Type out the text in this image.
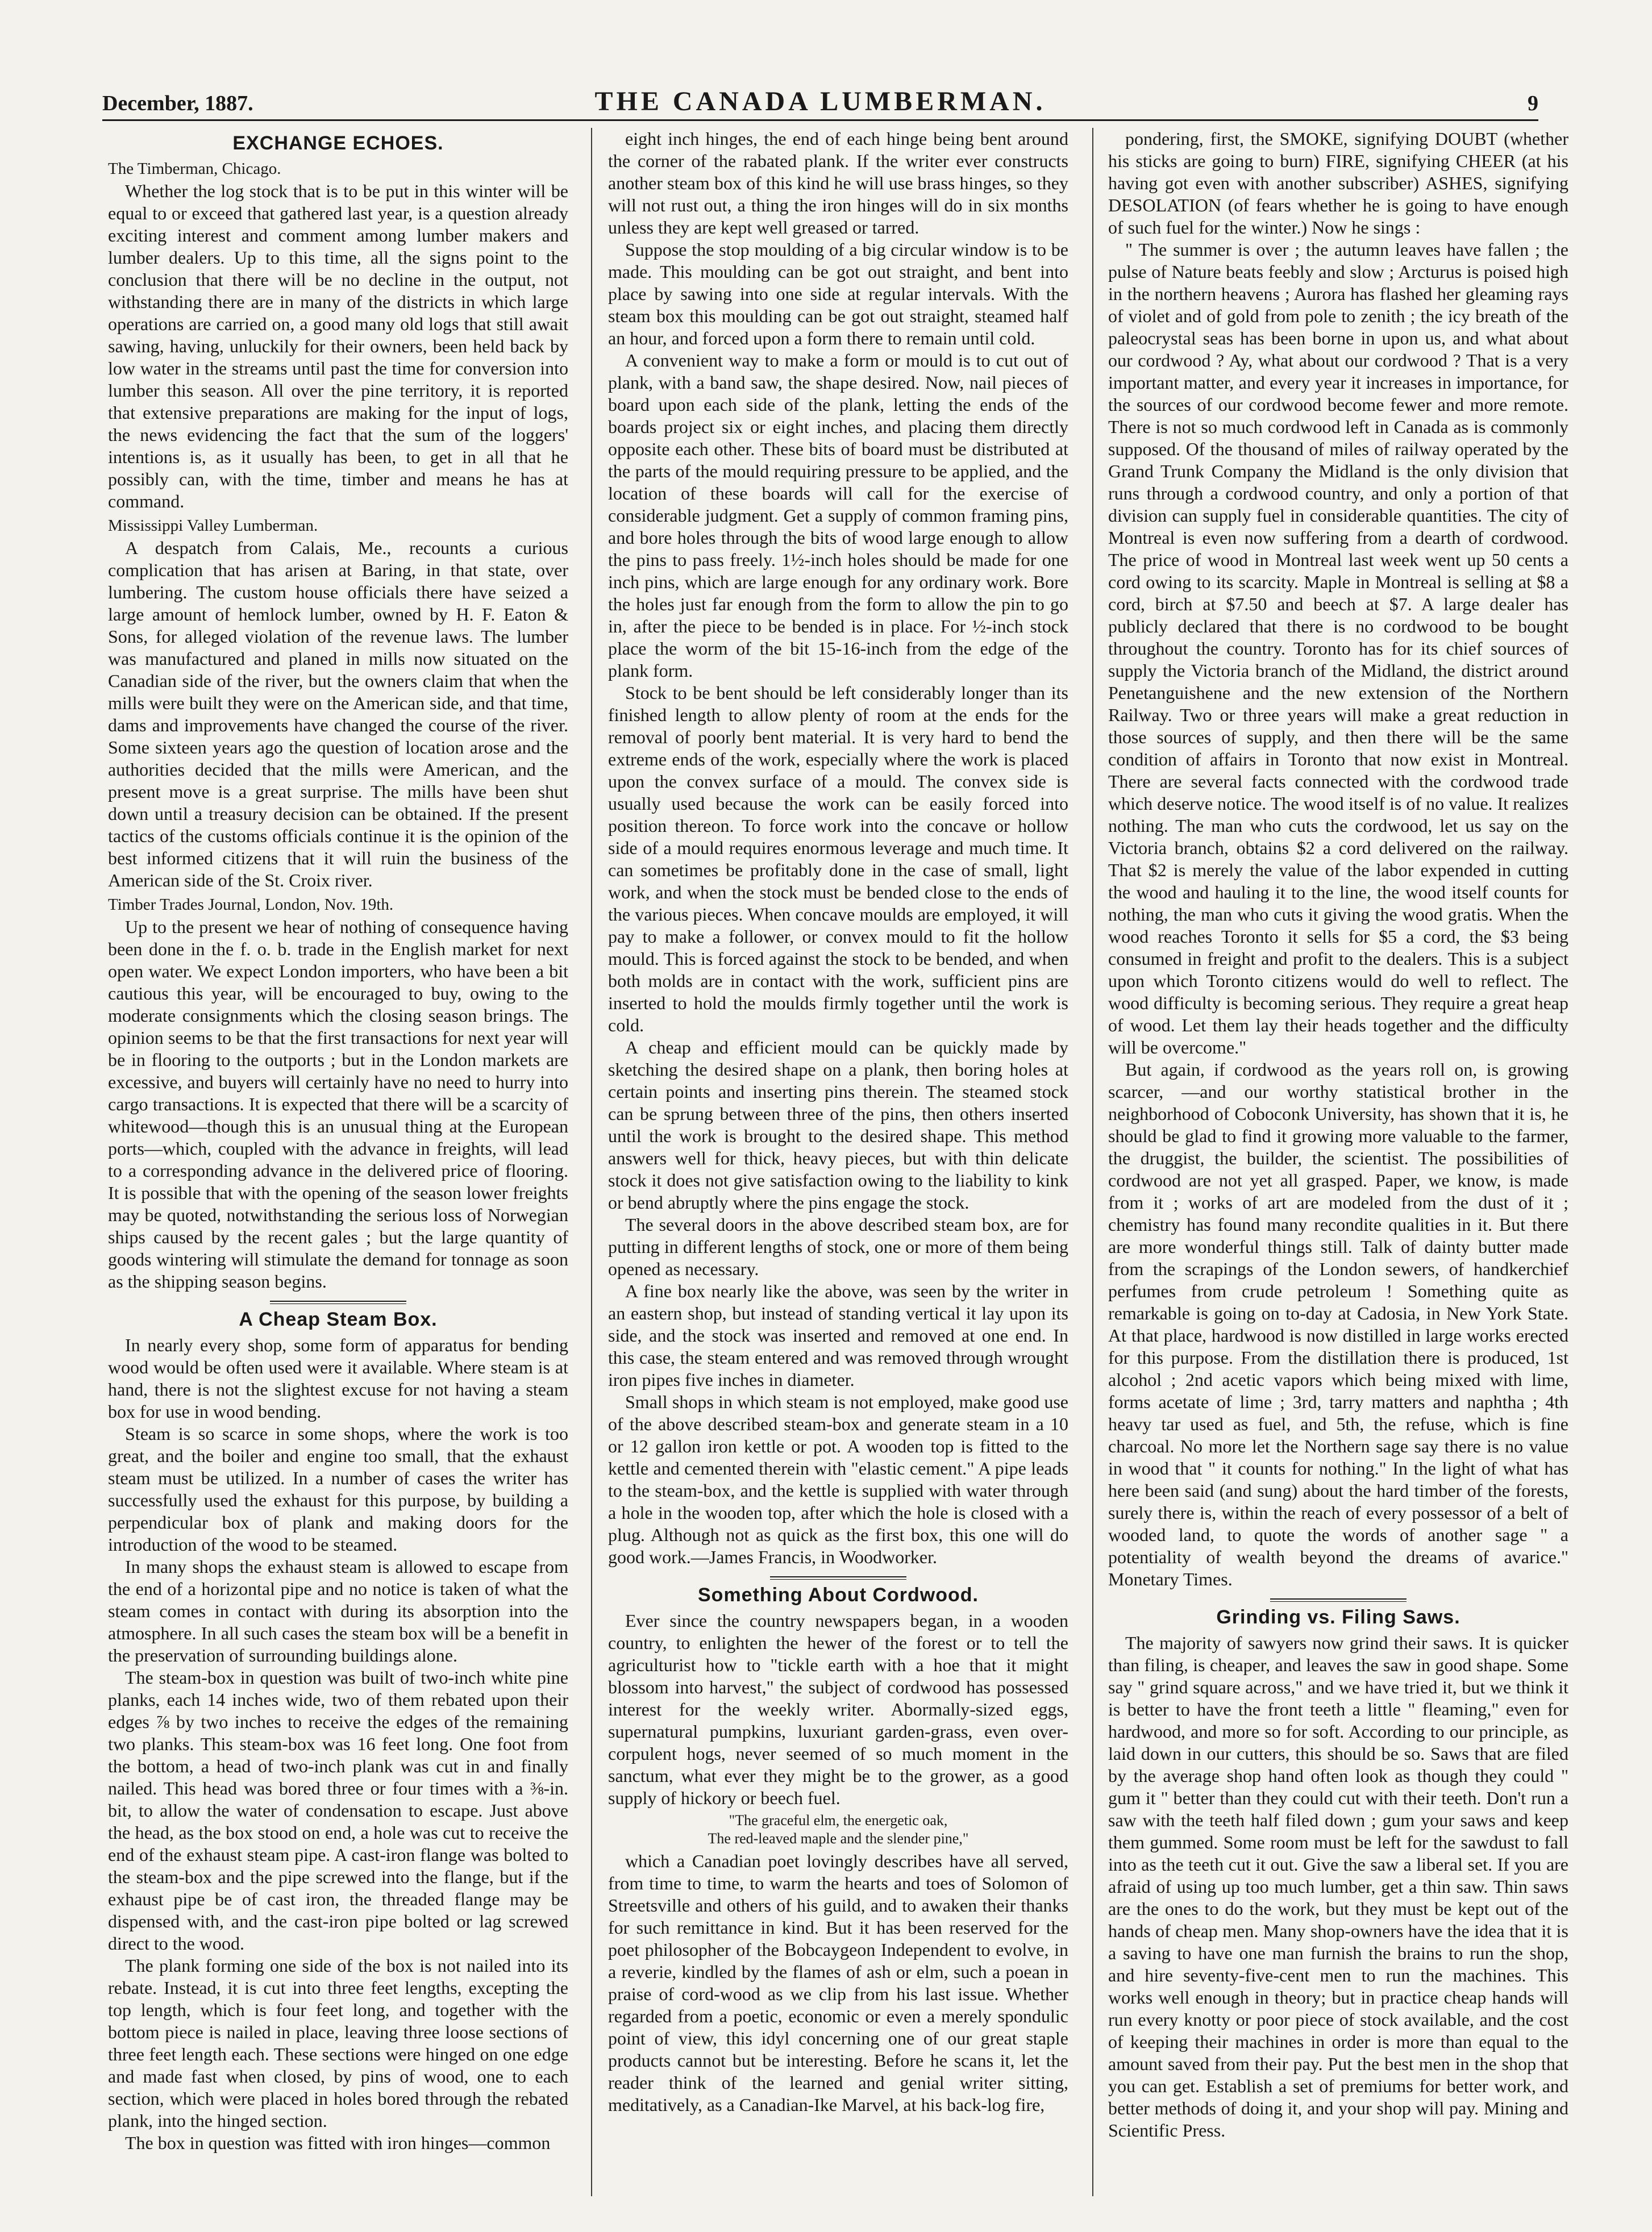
December, 1887.	THE CANADA LUMBERMAN.	9
EXCHANGE ECHOES.

The Timberman, Chicago.

Whether the log stock that is to be put in this winter will be equal to or exceed that gathered last year, is a question already exciting interest and comment among lumber makers and lumber dealers. Up to this time, all the signs point to the conclusion that there will be no decline in the output, not withstanding there are in many of the districts in which large operations are carried on, a good many old logs that still await sawing, having, unluckily for their owners, been held back by low water in the streams until past the time for conversion into lumber this season. All over the pine territory, it is reported that extensive preparations are making for the input of logs, the news evidencing the fact that the sum of the loggers' intentions is, as it usually has been, to get in all that he possibly can, with the time, timber and means he has at command.

Mississippi Valley Lumberman.

A despatch from Calais, Me., recounts a curious complication that has arisen at Baring, in that state, over lumbering. The custom house officials there have seized a large amount of hemlock lumber, owned by H. F. Eaton & Sons, for alleged violation of the revenue laws. The lumber was manufactured and planed in mills now situated on the Canadian side of the river, but the owners claim that when the mills were built they were on the American side, and that time, dams and improvements have changed the course of the river. Some sixteen years ago the question of location arose and the authorities decided that the mills were American, and the present move is a great surprise. The mills have been shut down until a treasury decision can be obtained. If the present tactics of the customs officials continue it is the opinion of the best informed citizens that it will ruin the business of the American side of the St. Croix river.

Timber Trades Journal, London, Nov. 19th.

Up to the present we hear of nothing of consequence having been done in the f. o. b. trade in the English market for next open water. We expect London importers, who have been a bit cautious this year, will be encouraged to buy, owing to the moderate consignments which the closing season brings. The opinion seems to be that the first transactions for next year will be in flooring to the outports ; but in the London markets are excessive, and buyers will certainly have no need to hurry into cargo transactions. It is expected that there will be a scarcity of whitewood—though this is an unusual thing at the European ports—which, coupled with the advance in freights, will lead to a corresponding advance in the delivered price of flooring. It is possible that with the opening of the season lower freights may be quoted, notwithstanding the serious loss of Norwegian ships caused by the recent gales ; but the large quantity of goods wintering will stimulate the demand for tonnage as soon as the shipping season begins.

A Cheap Steam Box.

In nearly every shop, some form of apparatus for bending wood would be often used were it available. Where steam is at hand, there is not the slightest excuse for not having a steam box for use in wood bending.

Steam is so scarce in some shops, where the work is too great, and the boiler and engine too small, that the exhaust steam must be utilized. In a number of cases the writer has successfully used the exhaust for this purpose, by building a perpendicular box of plank and making doors for the introduction of the wood to be steamed.

In many shops the exhaust steam is allowed to escape from the end of a horizontal pipe and no notice is taken of what the steam comes in contact with during its absorption into the atmosphere. In all such cases the steam box will be a benefit in the preservation of surrounding buildings alone.

The steam-box in question was built of two-inch white pine planks, each 14 inches wide, two of them rebated upon their edges ⅞ by two inches to receive the edges of the remaining two planks. This steam-box was 16 feet long. One foot from the bottom, a head of two-inch plank was cut in and finally nailed. This head was bored three or four times with a ⅜-in. bit, to allow the water of condensation to escape. Just above the head, as the box stood on end, a hole was cut to receive the end of the exhaust steam pipe. A cast-iron flange was bolted to the steam-box and the pipe screwed into the flange, but if the exhaust pipe be of cast iron, the threaded flange may be dispensed with, and the cast-iron pipe bolted or lag screwed direct to the wood.

The plank forming one side of the box is not nailed into its rebate. Instead, it is cut into three feet lengths, excepting the top length, which is four feet long, and together with the bottom piece is nailed in place, leaving three loose sections of three feet length each. These sections were hinged on one edge and made fast when closed, by pins of wood, one to each section, which were placed in holes bored through the rebated plank, into the hinged section.

The box in question was fitted with iron hinges—common

eight inch hinges, the end of each hinge being bent around the corner of the rabated plank. If the writer ever constructs another steam box of this kind he will use brass hinges, so they will not rust out, a thing the iron hinges will do in six months unless they are kept well greased or tarred.

Suppose the stop moulding of a big circular window is to be made. This moulding can be got out straight, and bent into place by sawing into one side at regular intervals. With the steam box this moulding can be got out straight, steamed half an hour, and forced upon a form there to remain until cold.

A convenient way to make a form or mould is to cut out of plank, with a band saw, the shape desired. Now, nail pieces of board upon each side of the plank, letting the ends of the boards project six or eight inches, and placing them directly opposite each other. These bits of board must be distributed at the parts of the mould requiring pressure to be applied, and the location of these boards will call for the exercise of considerable judgment. Get a supply of common framing pins, and bore holes through the bits of wood large enough to allow the pins to pass freely. 1½-inch holes should be made for one inch pins, which are large enough for any ordinary work. Bore the holes just far enough from the form to allow the pin to go in, after the piece to be bended is in place. For ½-inch stock place the worm of the bit 15-16-inch from the edge of the plank form.

Stock to be bent should be left considerably longer than its finished length to allow plenty of room at the ends for the removal of poorly bent material. It is very hard to bend the extreme ends of the work, especially where the work is placed upon the convex surface of a mould. The convex side is usually used because the work can be easily forced into position thereon. To force work into the concave or hollow side of a mould requires enormous leverage and much time. It can sometimes be profitably done in the case of small, light work, and when the stock must be bended close to the ends of the various pieces. When concave moulds are employed, it will pay to make a follower, or convex mould to fit the hollow mould. This is forced against the stock to be bended, and when both molds are in contact with the work, sufficient pins are inserted to hold the moulds firmly together until the work is cold.

A cheap and efficient mould can be quickly made by sketching the desired shape on a plank, then boring holes at certain points and inserting pins therein. The steamed stock can be sprung between three of the pins, then others inserted until the work is brought to the desired shape. This method answers well for thick, heavy pieces, but with thin delicate stock it does not give satisfaction owing to the liability to kink or bend abruptly where the pins engage the stock.

The several doors in the above described steam box, are for putting in different lengths of stock, one or more of them being opened as necessary.

A fine box nearly like the above, was seen by the writer in an eastern shop, but instead of standing vertical it lay upon its side, and the stock was inserted and removed at one end. In this case, the steam entered and was removed through wrought iron pipes five inches in diameter.

Small shops in which steam is not employed, make good use of the above described steam-box and generate steam in a 10 or 12 gallon iron kettle or pot. A wooden top is fitted to the kettle and cemented therein with "elastic cement." A pipe leads to the steam-box, and the kettle is supplied with water through a hole in the wooden top, after which the hole is closed with a plug. Although not as quick as the first box, this one will do good work.—James Francis, in Woodworker.

Something About Cordwood.

Ever since the country newspapers began, in a wooden country, to enlighten the hewer of the forest or to tell the agriculturist how to "tickle earth with a hoe that it might blossom into harvest," the subject of cordwood has possessed interest for the weekly writer. Abormally-sized eggs, supernatural pumpkins, luxuriant garden-grass, even over-corpulent hogs, never seemed of so much moment in the sanctum, what ever they might be to the grower, as a good supply of hickory or beech fuel.

"The graceful elm, the energetic oak,
The red-leaved maple and the slender pine,"

which a Canadian poet lovingly describes have all served, from time to time, to warm the hearts and toes of Solomon of Streetsville and others of his guild, and to awaken their thanks for such remittance in kind. But it has been reserved for the poet philosopher of the Bobcaygeon Independent to evolve, in a reverie, kindled by the flames of ash or elm, such a poean in praise of cord-wood as we clip from his last issue. Whether regarded from a poetic, economic or even a merely spondulic point of view, this idyl concerning one of our great staple products cannot but be interesting. Before he scans it, let the reader think of the learned and genial writer sitting, meditatively, as a Canadian-Ike Marvel, at his back-log fire,

pondering, first, the SMOKE, signifying DOUBT (whether his sticks are going to burn) FIRE, signifying CHEER (at his having got even with another subscriber) ASHES, signifying DESOLATION (of fears whether he is going to have enough of such fuel for the winter.) Now he sings :

" The summer is over ; the autumn leaves have fallen ; the pulse of Nature beats feebly and slow ; Arcturus is poised high in the northern heavens ; Aurora has flashed her gleaming rays of violet and of gold from pole to zenith ; the icy breath of the paleocrystal seas has been borne in upon us, and what about our cordwood ? Ay, what about our cordwood ? That is a very important matter, and every year it increases in importance, for the sources of our cordwood become fewer and more remote. There is not so much cordwood left in Canada as is commonly supposed. Of the thousand of miles of railway operated by the Grand Trunk Company the Midland is the only division that runs through a cordwood country, and only a portion of that division can supply fuel in considerable quantities. The city of Montreal is even now suffering from a dearth of cordwood. The price of wood in Montreal last week went up 50 cents a cord owing to its scarcity. Maple in Montreal is selling at $8 a cord, birch at $7.50 and beech at $7. A large dealer has publicly declared that there is no cordwood to be bought throughout the country. Toronto has for its chief sources of supply the Victoria branch of the Midland, the district around Penetanguishene and the new extension of the Northern Railway. Two or three years will make a great reduction in those sources of supply, and then there will be the same condition of affairs in Toronto that now exist in Montreal. There are several facts connected with the cordwood trade which deserve notice. The wood itself is of no value. It realizes nothing. The man who cuts the cordwood, let us say on the Victoria branch, obtains $2 a cord delivered on the railway. That $2 is merely the value of the labor expended in cutting the wood and hauling it to the line, the wood itself counts for nothing, the man who cuts it giving the wood gratis. When the wood reaches Toronto it sells for $5 a cord, the $3 being consumed in freight and profit to the dealers. This is a subject upon which Toronto citizens would do well to reflect. The wood difficulty is becoming serious. They require a great heap of wood. Let them lay their heads together and the difficulty will be overcome."

But again, if cordwood as the years roll on, is growing scarcer, —and our worthy statistical brother in the neighborhood of Coboconk University, has shown that it is, he should be glad to find it growing more valuable to the farmer, the druggist, the builder, the scientist. The possibilities of cordwood are not yet all grasped. Paper, we know, is made from it ; works of art are modeled from the dust of it ; chemistry has found many recondite qualities in it. But there are more wonderful things still. Talk of dainty butter made from the scrapings of the London sewers, of handkerchief perfumes from crude petroleum ! Something quite as remarkable is going on to-day at Cadosia, in New York State. At that place, hardwood is now distilled in large works erected for this purpose. From the distillation there is produced, 1st alcohol ; 2nd acetic vapors which being mixed with lime, forms acetate of lime ; 3rd, tarry matters and naphtha ; 4th heavy tar used as fuel, and 5th, the refuse, which is fine charcoal. No more let the Northern sage say there is no value in wood that " it counts for nothing." In the light of what has here been said (and sung) about the hard timber of the forests, surely there is, within the reach of every possessor of a belt of wooded land, to quote the words of another sage " a potentiality of wealth beyond the dreams of avarice." Monetary Times.

Grinding vs. Filing Saws.

The majority of sawyers now grind their saws. It is quicker than filing, is cheaper, and leaves the saw in good shape. Some say " grind square across," and we have tried it, but we think it is better to have the front teeth a little " fleaming," even for hardwood, and more so for soft. According to our principle, as laid down in our cutters, this should be so. Saws that are filed by the average shop hand often look as though they could " gum it " better than they could cut with their teeth. Don't run a saw with the teeth half filed down ; gum your saws and keep them gummed. Some room must be left for the sawdust to fall into as the teeth cut it out. Give the saw a liberal set. If you are afraid of using up too much lumber, get a thin saw. Thin saws are the ones to do the work, but they must be kept out of the hands of cheap men. Many shop-owners have the idea that it is a saving to have one man furnish the brains to run the shop, and hire seventy-five-cent men to run the machines. This works well enough in theory; but in practice cheap hands will run every knotty or poor piece of stock available, and the cost of keeping their machines in order is more than equal to the amount saved from their pay. Put the best men in the shop that you can get. Establish a set of premiums for better work, and better methods of doing it, and your shop will pay. Mining and Scientific Press.
